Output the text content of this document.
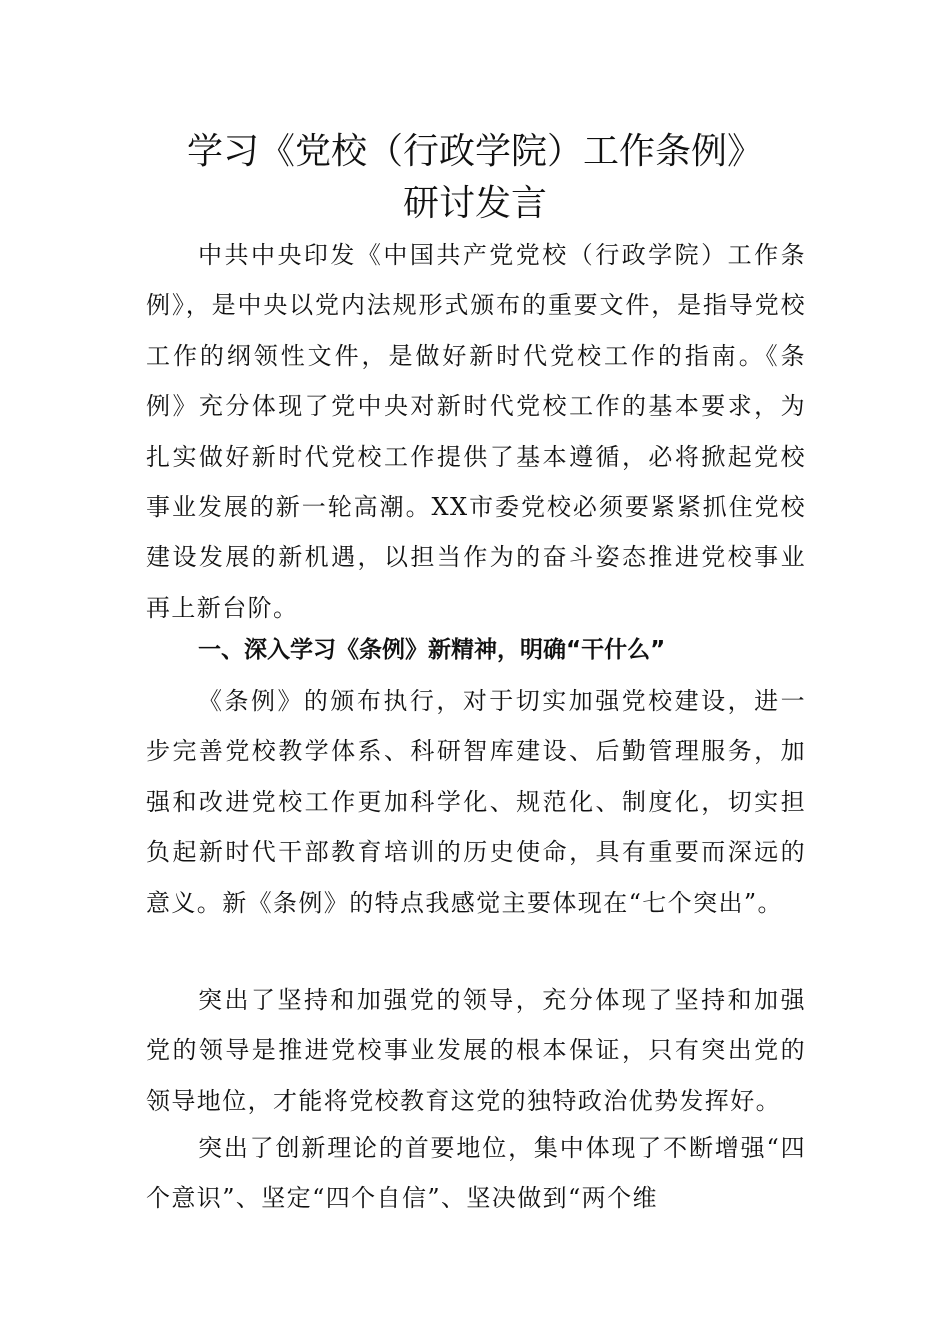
学习《党校（行政学院）工作条例》
研讨发言

中共中央印发《中国共产党党校（行政学院）工作条例》，是中央以党内法规形式颁布的重要文件，是指导党校工作的纲领性文件，是做好新时代党校工作的指南。《条例》充分体现了党中央对新时代党校工作的基本要求，为扎实做好新时代党校工作提供了基本遵循，必将掀起党校事业发展的新一轮高潮。XX市委党校必须要紧紧抓住党校建设发展的新机遇，以担当作为的奋斗姿态推进党校事业再上新台阶。

一、深入学习《条例》新精神，明确“干什么”

《条例》的颁布执行，对于切实加强党校建设，进一步完善党校教学体系、科研智库建设、后勤管理服务，加强和改进党校工作更加科学化、规范化、制度化，切实担负起新时代干部教育培训的历史使命，具有重要而深远的意义。新《条例》的特点我感觉主要体现在“七个突出”。

突出了坚持和加强党的领导，充分体现了坚持和加强党的领导是推进党校事业发展的根本保证，只有突出党的领导地位，才能将党校教育这党的独特政治优势发挥好。

突出了创新理论的首要地位，集中体现了不断增强“四个意识”、坚定“四个自信”、坚决做到“两个维
